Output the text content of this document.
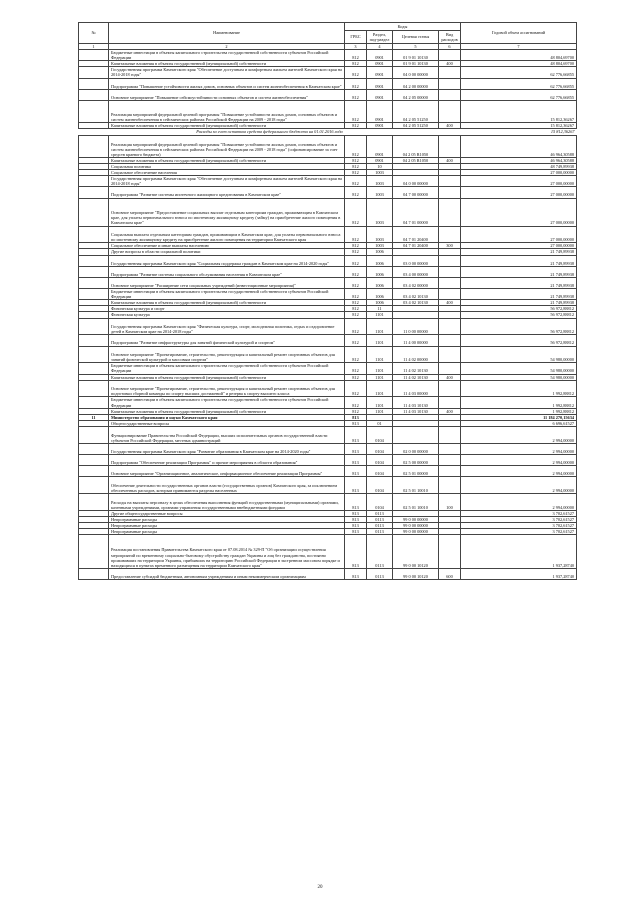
№	Наименование	Коды				Годовой объем ассигнований
		ГРБС	Раздел, под-раздел	Целевая статья	Вид расходов	
1	2	3	4	5	6	7
	Бюджетные инвестиции в объекты капитального строительства государственной собственности субъектов Российской Федерации	812	0901	01 9 01 10130		48 804,69700
	Капитальные вложения в объекты государственной (муниципальной) собственности	812	0901	01 9 01 10130	400	48 804,69700
	Государственная программа Камчатского края "Обеспечение доступным и комфортным жильем жителей Камчатского края на 2014-2018 годы"	812	0901	04 0 00 00000		62 776,66855
	Подпрограмма "Повышение устойчивости жилых домов, основных объектов и систем жизнеобеспечения в Камчатском крае"	812	0901	04 2 00 00000		62 776,66855
	Основное мероприятие "Повышение сейсмоустойчивости основных объектов и систем жизнеобеспечения"	812	0901	04 2 05 00000		62 776,66855
	Реализация мероприятий федеральной целевой программы "Повышение устойчивости жилых домов, основных объектов и систем жизнеобеспечения в сейсмических районах Российской Федерации на 2009 - 2018 годы"	812	0901	04 2 05 51250		15 812,36267
	Капитальные вложения в объекты государственной (муниципальной) собственности	812	0901	04 2 05 51250	400	15 812,36267
Расходы за счет остатков средств федерального бюджета на 01.01.2016 года						15 812,36267
	Реализация мероприятий федеральной целевой программы "Повышение устойчивости жилых домов, основных объектов и систем жизнеобеспечения в сейсмических районах Российской Федерации на 2009 - 2018 годы" (софинансирование за счет средств краевого бюджета)	812	0901	04 2 05 R1050		46 964,30588
	Капитальные вложения в объекты государственной (муниципальной) собственности	812	0901	04 2 05 R1050	400	46 964,30588
	Социальная политика	812	10			48 749,89938
	Социальное обеспечение населения	812	1003			27 000,00000
	Государственная программа Камчатского края "Обеспечение доступным и комфортным жильем жителей Камчатского края на 2014-2018 годы"	812	1003	04 0 00 00000		27 000,00000
	Подпрограмма "Развитие системы ипотечного жилищного кредитования в Камчатском крае"	812	1003	04 7 00 00000		27 000,00000
	Основное мероприятие "Предоставление социальных выплат отдельным категориям граждан, проживающим в Камчатском крае, для уплаты первоначального взноса по ипотечному жилищному кредиту (займу) на приобретение жилого помещения в Камчатском крае"	812	1003	04 7 01 00000		27 000,00000
	Социальная выплата отдельным категориям граждан, проживающим в Камчатском крае, для уплаты первоначального взноса по ипотечному жилищному кредиту на приобретение жилого помещения на территории Камчатского края	812	1003	04 7 01 20400		27 000,00000
	Социальное обеспечение и иные выплаты населению	812	1003	04 7 01 20400	300	27 000,00000
	Другие вопросы в области социальной политики	812	1006			21 749,89938
	Государственная программа Камчатского края "Социальная поддержка граждан в Камчатском крае на 2014-2020 годы"	812	1006	03 0 00 00000		21 749,89938
	Подпрограмма "Развитие системы социального обслуживания населения в Камчатском крае"	812	1006	03 4 00 00000		21 749,89938
	Основное мероприятие "Расширение сети социальных учреждений (инвестиционные мероприятия)"	812	1006	03 4 02 00000		21 749,89938
	Бюджетные инвестиции в объекты капитального строительства государственной собственности субъектов Российской Федерации	812	1006	03 4 02 10130		21 749,89938
	Капитальные вложения в объекты государственной (муниципальной) собственности	812	1006	03 4 02 10130	400	21 749,89938
	Физическая культура и спорт	812	11			56 972,88812
	Физическая культура	812	1101			56 972,88812
	Государственная программа Камчатского края "Физическая культура, спорт, молодежная политика, отдых и оздоровление детей в Камчатском крае на 2014-2018 годы"	812	1101	11 0 00 00000		56 972,88812
	Подпрограмма "Развитие инфраструктуры для занятий физической культурой и спортом"	812	1101	11 4 00 00000		56 972,88812
	Основное мероприятие "Проектирование, строительство, реконструкция и капитальный ремонт спортивных объектов для занятий физической культурой и массовым спортом"	812	1101	11 4 02 00000		54 980,00000
	Бюджетные инвестиции в объекты капитального строительства государственной собственности субъектов Российской Федерации	812	1101	11 4 02 10130		54 980,00000
	Капитальные вложения в объекты государственной (муниципальной) собственности	812	1101	11 4 02 10130	400	54 980,00000
	Основное мероприятие "Проектирование, строительство, реконструкция и капитальный ремонт спортивных объектов для подготовки сборной команды по спорту высших достижений" и резерва к спорту высшего класса	812	1101	11 4 03 00000		1 992,88812
	Бюджетные инвестиции в объекты капитального строительства государственной собственности субъектов Российской Федерации	812	1101	11 4 03 10130		1 992,88812
	Капитальные вложения в объекты государственной (муниципальной) собственности	812	1101	11 4 03 10130	400	1 992,88812
11	Министерство образования и науки Камчатского края	813				11 184 270,15634
	Общегосударственные вопросы	813	01			6 696,61527
	Функционирование Правительства Российской Федерации, высших исполнительных органов государственной власти субъектов Российской Федерации, местных администраций	813	0104			2 994,00000
	Государственная программа Камчатского края "Развитие образования в Камчатском крае на 2014-2020 годы"	813	0104	02 0 00 00000		2 994,00000
	Подпрограмма "Обеспечение реализации Программы" и прочие мероприятия в области образования"	813	0104	02 5 00 00000		2 994,00000
	Основное мероприятие "Организационное, аналитическое, информационное обеспечение реализации Программы"	813	0104	02 5 01 00000		2 994,00000
	Обеспечение деятельности государственных органов власти (государственных органов) Камчатского края, за исключением обеспеченных расходов, которым принимаются разделы населенных	813	0104	02 5 01 10010		2 994,00000
	Расходы на выплаты персоналу в целях обеспечения выполнения функций государственными (муниципальными) органами, казенными учреждениями, органами управления государственными внебюджетными фондами	813	0104	02 5 01 10010	100	2 994,00000
	Другие общегосударственные вопросы	813	0113			3 702,61527
	Непрограммные расходы	813	0113	99 0 00 00000		3 702,61527
	Непрограммные расходы	813	0113	99 0 00 00000		3 702,61527
	Непрограммные расходы	813	0113	99 0 00 00000		3 702,61527
	Реализация постановления Правительства Камчатского края от 07.08.2014 № 329-П "Об организации осуществления мероприятий по временному социально-бытовому обустройству граждан Украины и лиц без гражданства, постоянно проживавших на территории Украины, прибывших на территорию Российской Федерации в экстренном массовом порядке и находящихся в пунктах временного размещения на территории Камчатского края"	813	0113	99 0 00 10120		1 937,28740
	Предоставление субсидий бюджетным, автономным учреждениям и иным некоммерческим организациям	813	0113	99 0 00 10120	600	1 937,28740
20
